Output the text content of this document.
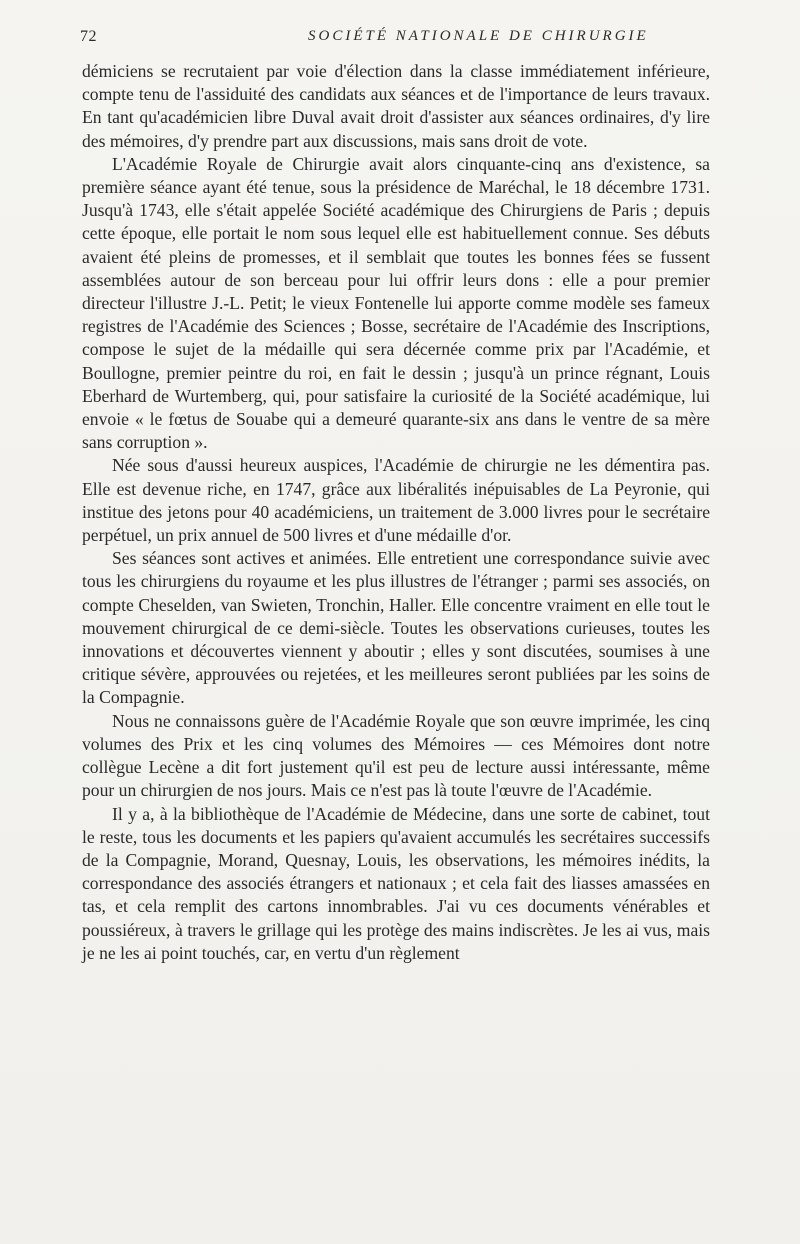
72	SOCIÉTÉ NATIONALE DE CHIRURGIE

démiciens se recrutaient par voie d'élection dans la classe immédiatement inférieure, compte tenu de l'assiduité des candidats aux séances et de l'importance de leurs travaux. En tant qu'académicien libre Duval avait droit d'assister aux séances ordinaires, d'y lire des mémoires, d'y prendre part aux discussions, mais sans droit de vote.

L'Académie Royale de Chirurgie avait alors cinquante-cinq ans d'existence, sa première séance ayant été tenue, sous la présidence de Maréchal, le 18 décembre 1731. Jusqu'à 1743, elle s'était appelée Société académique des Chirurgiens de Paris ; depuis cette époque, elle portait le nom sous lequel elle est habituellement connue. Ses débuts avaient été pleins de promesses, et il semblait que toutes les bonnes fées se fussent assemblées autour de son berceau pour lui offrir leurs dons : elle a pour premier directeur l'illustre J.-L. Petit; le vieux Fontenelle lui apporte comme modèle ses fameux registres de l'Académie des Sciences ; Bosse, secrétaire de l'Académie des Inscriptions, compose le sujet de la médaille qui sera décernée comme prix par l'Académie, et Boullogne, premier peintre du roi, en fait le dessin ; jusqu'à un prince régnant, Louis Eberhard de Wurtemberg, qui, pour satisfaire la curiosité de la Société académique, lui envoie « le fœtus de Souabe qui a demeuré quarante-six ans dans le ventre de sa mère sans corruption ».

Née sous d'aussi heureux auspices, l'Académie de chirurgie ne les démentira pas. Elle est devenue riche, en 1747, grâce aux libéralités inépuisables de La Peyronie, qui institue des jetons pour 40 académiciens, un traitement de 3.000 livres pour le secrétaire perpétuel, un prix annuel de 500 livres et d'une médaille d'or.

Ses séances sont actives et animées. Elle entretient une correspondance suivie avec tous les chirurgiens du royaume et les plus illustres de l'étranger ; parmi ses associés, on compte Cheselden, van Swieten, Tronchin, Haller. Elle concentre vraiment en elle tout le mouvement chirurgical de ce demi-siècle. Toutes les observations curieuses, toutes les innovations et découvertes viennent y aboutir ; elles y sont discutées, soumises à une critique sévère, approuvées ou rejetées, et les meilleures seront publiées par les soins de la Compagnie.

Nous ne connaissons guère de l'Académie Royale que son œuvre imprimée, les cinq volumes des Prix et les cinq volumes des Mémoires — ces Mémoires dont notre collègue Lecène a dit fort justement qu'il est peu de lecture aussi intéressante, même pour un chirurgien de nos jours. Mais ce n'est pas là toute l'œuvre de l'Académie.

Il y a, à la bibliothèque de l'Académie de Médecine, dans une sorte de cabinet, tout le reste, tous les documents et les papiers qu'avaient accumulés les secrétaires successifs de la Compagnie, Morand, Quesnay, Louis, les observations, les mémoires inédits, la correspondance des associés étrangers et nationaux ; et cela fait des liasses amassées en tas, et cela remplit des cartons innombrables. J'ai vu ces documents vénérables et poussiéreux, à travers le grillage qui les protège des mains indiscrètes. Je les ai vus, mais je ne les ai point touchés, car, en vertu d'un règlement
